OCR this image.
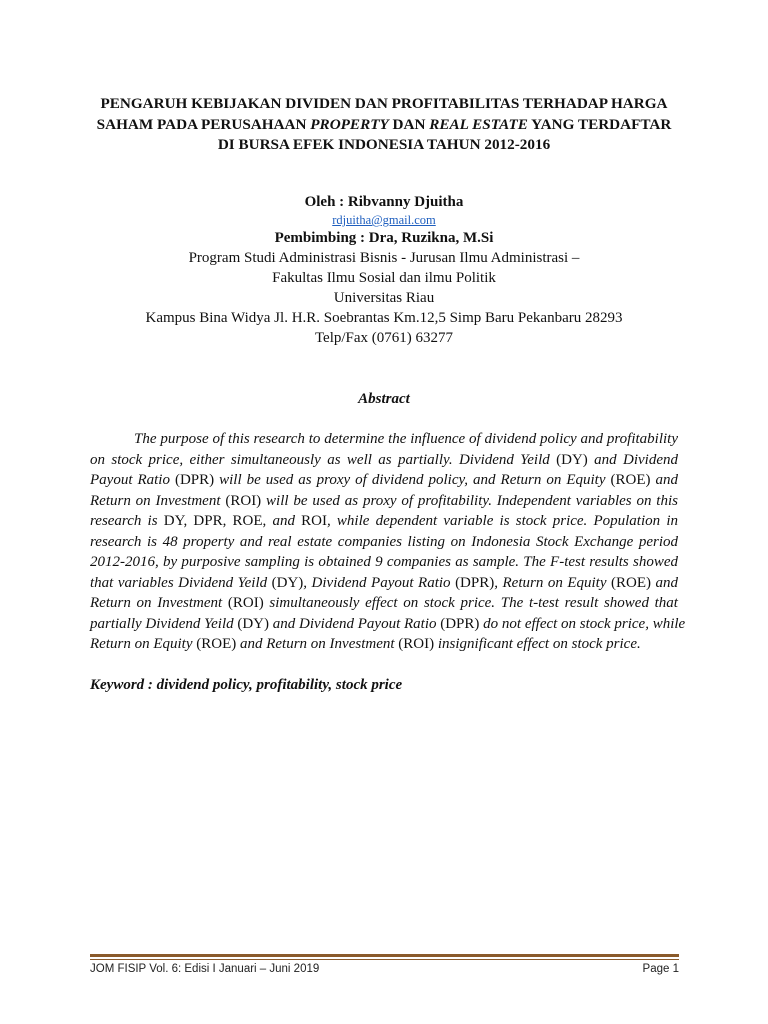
PENGARUH KEBIJAKAN DIVIDEN DAN PROFITABILITAS TERHADAP HARGA
SAHAM PADA PERUSAHAAN PROPERTY DAN REAL ESTATE YANG TERDAFTAR
DI BURSA EFEK INDONESIA TAHUN 2012-2016
Oleh : Ribvanny Djuitha
rdjuitha@gmail.com
Pembimbing : Dra, Ruzikna, M.Si
Program Studi Administrasi Bisnis - Jurusan Ilmu Administrasi –
Fakultas Ilmu Sosial dan ilmu Politik
Universitas Riau
Kampus Bina Widya Jl. H.R. Soebrantas Km.12,5 Simp Baru Pekanbaru 28293
Telp/Fax (0761) 63277
Abstract
The purpose of this research to determine the influence of dividend policy and profitability
on stock price, either simultaneously as well as partially. Dividend Yeild (DY) and Dividend
Payout Ratio (DPR) will be used as proxy of dividend policy, and Return on Equity (ROE) and
Return on Investment (ROI) will be used as proxy of profitability. Independent variables on this
research is DY, DPR, ROE, and ROI, while dependent variable is stock price. Population in
research is 48 property and real estate companies listing on Indonesia Stock Exchange period
2012-2016, by purposive sampling is obtained 9 companies as sample. The F-test results showed
that variables Dividend Yeild (DY), Dividend Payout Ratio (DPR), Return on Equity (ROE) and
Return on Investment (ROI) simultaneously effect on stock price. The t-test result showed that
partially Dividend Yeild (DY) and Dividend Payout Ratio (DPR) do not effect on stock price, while
Return on Equity (ROE) and Return on Investment (ROI) insignificant effect on stock price.
Keyword : dividend policy, profitability, stock price
JOM FISIP Vol. 6: Edisi I Januari – Juni 2019	Page 1
